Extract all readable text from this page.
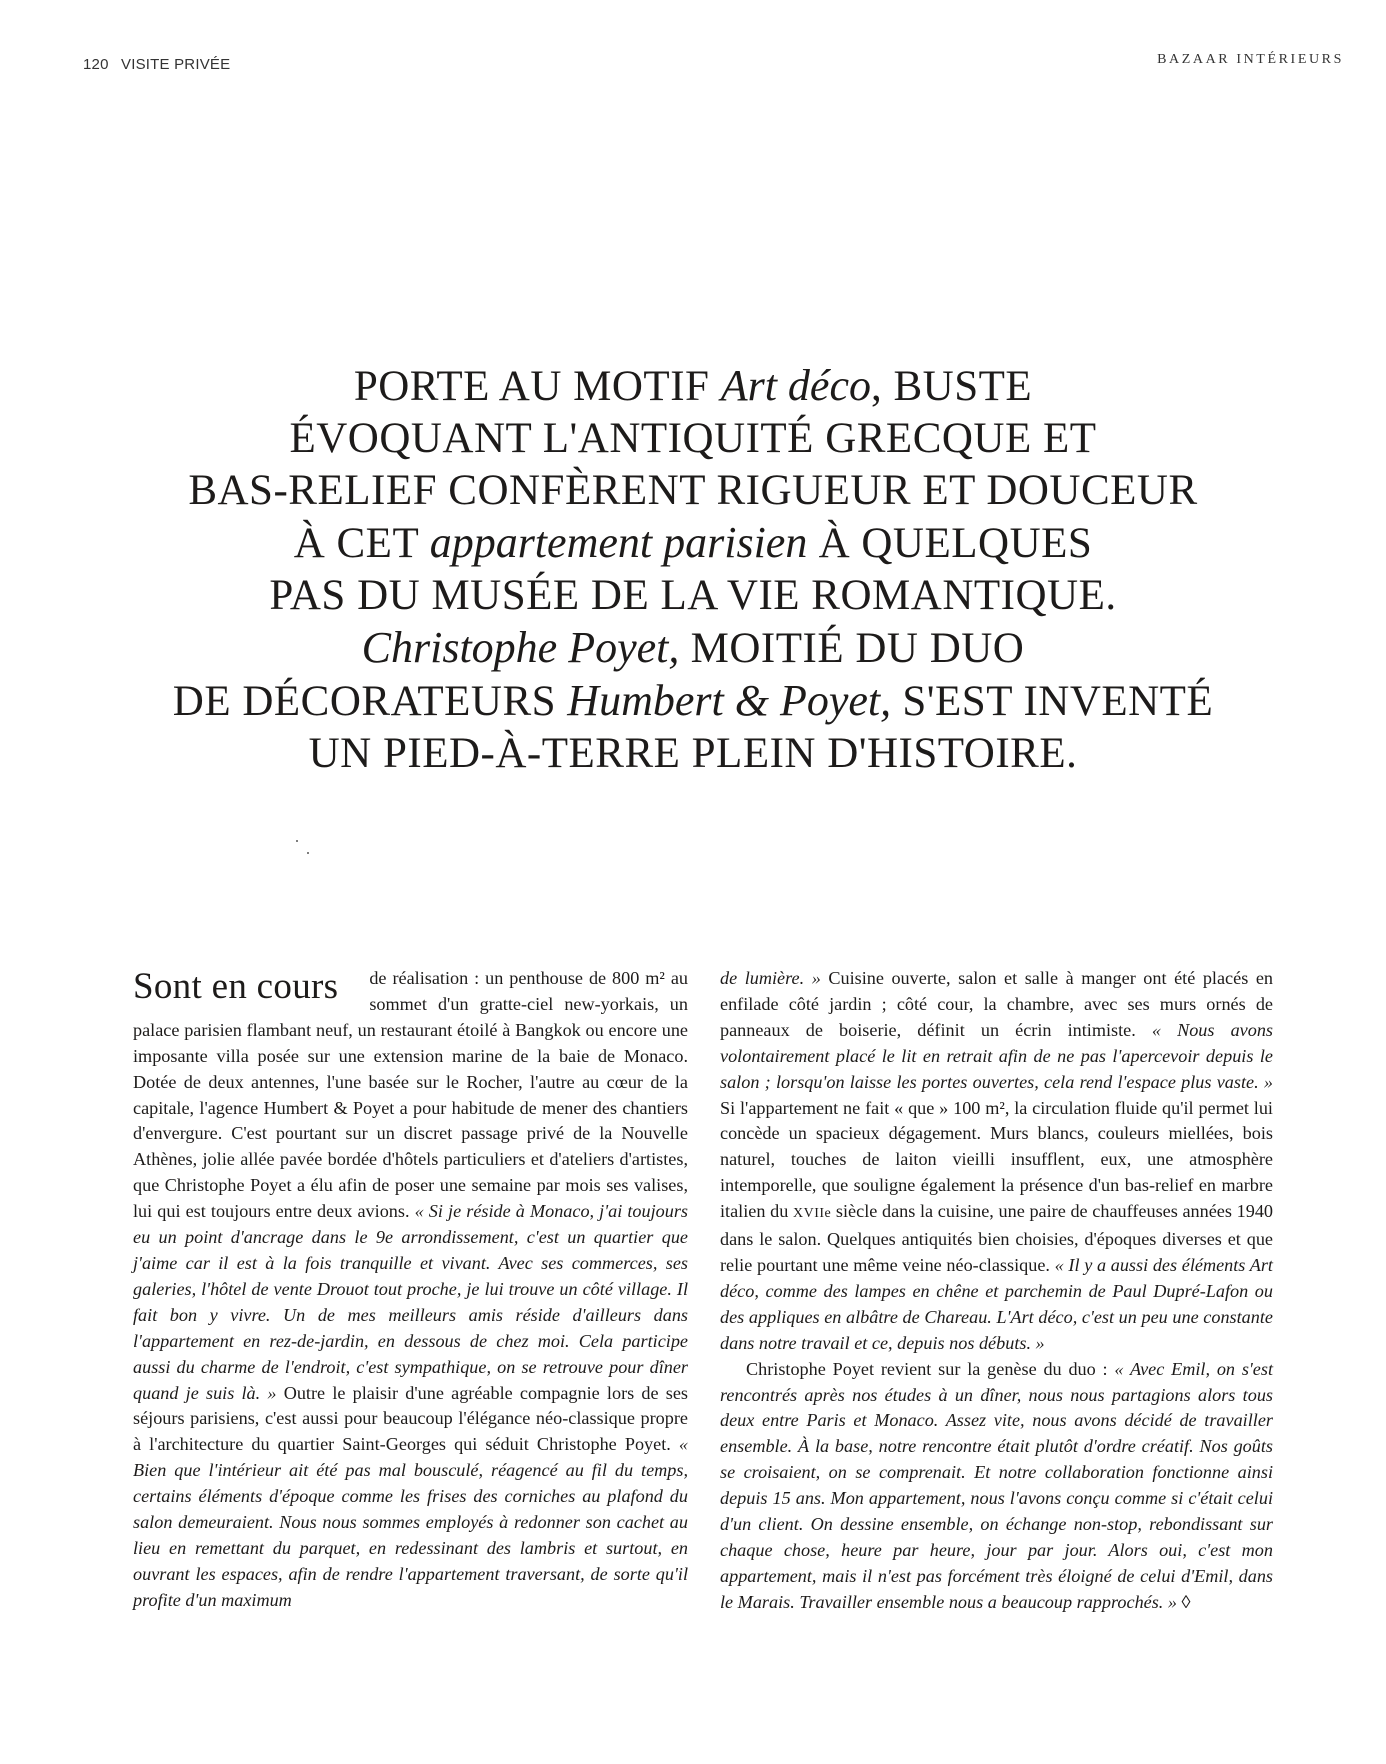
120 VISITE PRIVÉE	BAZAAR INTÉRIEURS
PORTE AU MOTIF Art déco, BUSTE
ÉVOQUANT L'ANTIQUITÉ GRECQUE ET
BAS-RELIEF CONFÈRENT RIGUEUR ET DOUCEUR
À CET appartement parisien À QUELQUES
PAS DU MUSÉE DE LA VIE ROMANTIQUE.
Christophe Poyet, MOITIÉ DU DUO
DE DÉCORATEURS Humbert & Poyet, S'EST INVENTÉ
UN PIED-À-TERRE PLEIN D'HISTOIRE.

Sont en cours de réalisation : un penthouse de 800 m² au sommet d'un gratte-ciel new-yorkais, un palace parisien flambant neuf, un restaurant étoilé à Bangkok ou encore une imposante villa posée sur une extension marine de la baie de Monaco. Dotée de deux antennes, l'une basée sur le Rocher, l'autre au cœur de la capitale, l'agence Humbert & Poyet a pour habitude de mener des chantiers d'envergure. C'est pourtant sur un discret passage privé de la Nouvelle Athènes, jolie allée pavée bordée d'hôtels particuliers et d'ateliers d'artistes, que Christophe Poyet a élu afin de poser une semaine par mois ses valises, lui qui est toujours entre deux avions. « Si je réside à Monaco, j'ai toujours eu un point d'ancrage dans le 9e arrondissement, c'est un quartier que j'aime car il est à la fois tranquille et vivant. Avec ses commerces, ses galeries, l'hôtel de vente Drouot tout proche, je lui trouve un côté village. Il fait bon y vivre. Un de mes meilleurs amis réside d'ailleurs dans l'appartement en rez-de-jardin, en dessous de chez moi. Cela participe aussi du charme de l'endroit, c'est sympathique, on se retrouve pour dîner quand je suis là. » Outre le plaisir d'une agréable compagnie lors de ses séjours parisiens, c'est aussi pour beaucoup l'élégance néo-classique propre à l'architecture du quartier Saint-Georges qui séduit Christophe Poyet. « Bien que l'intérieur ait été pas mal bousculé, réagencé au fil du temps, certains éléments d'époque comme les frises des corniches au plafond du salon demeuraient. Nous nous sommes employés à redonner son cachet au lieu en remettant du parquet, en redessinant des lambris et surtout, en ouvrant les espaces, afin de rendre l'appartement traversant, de sorte qu'il profite d'un maximum

de lumière. » Cuisine ouverte, salon et salle à manger ont été placés en enfilade côté jardin ; côté cour, la chambre, avec ses murs ornés de panneaux de boiserie, définit un écrin intimiste. « Nous avons volontairement placé le lit en retrait afin de ne pas l'apercevoir depuis le salon ; lorsqu'on laisse les portes ouvertes, cela rend l'espace plus vaste. » Si l'appartement ne fait « que » 100 m², la circulation fluide qu'il permet lui concède un spacieux dégagement. Murs blancs, couleurs miellées, bois naturel, touches de laiton vieilli insufflent, eux, une atmosphère intemporelle, que souligne également la présence d'un bas-relief en marbre italien du XVIIe siècle dans la cuisine, une paire de chauffeuses années 1940 dans le salon. Quelques antiquités bien choisies, d'époques diverses et que relie pourtant une même veine néo-classique. « Il y a aussi des éléments Art déco, comme des lampes en chêne et parchemin de Paul Dupré-Lafon ou des appliques en albâtre de Chareau. L'Art déco, c'est un peu une constante dans notre travail et ce, depuis nos débuts. »

Christophe Poyet revient sur la genèse du duo : « Avec Emil, on s'est rencontrés après nos études à un dîner, nous nous partagions alors tous deux entre Paris et Monaco. Assez vite, nous avons décidé de travailler ensemble. À la base, notre rencontre était plutôt d'ordre créatif. Nos goûts se croisaient, on se comprenait. Et notre collaboration fonctionne ainsi depuis 15 ans. Mon appartement, nous l'avons conçu comme si c'était celui d'un client. On dessine ensemble, on échange non-stop, rebondissant sur chaque chose, heure par heure, jour par jour. Alors oui, c'est mon appartement, mais il n'est pas forcément très éloigné de celui d'Emil, dans le Marais. Travailler ensemble nous a beaucoup rapprochés. » ◊
